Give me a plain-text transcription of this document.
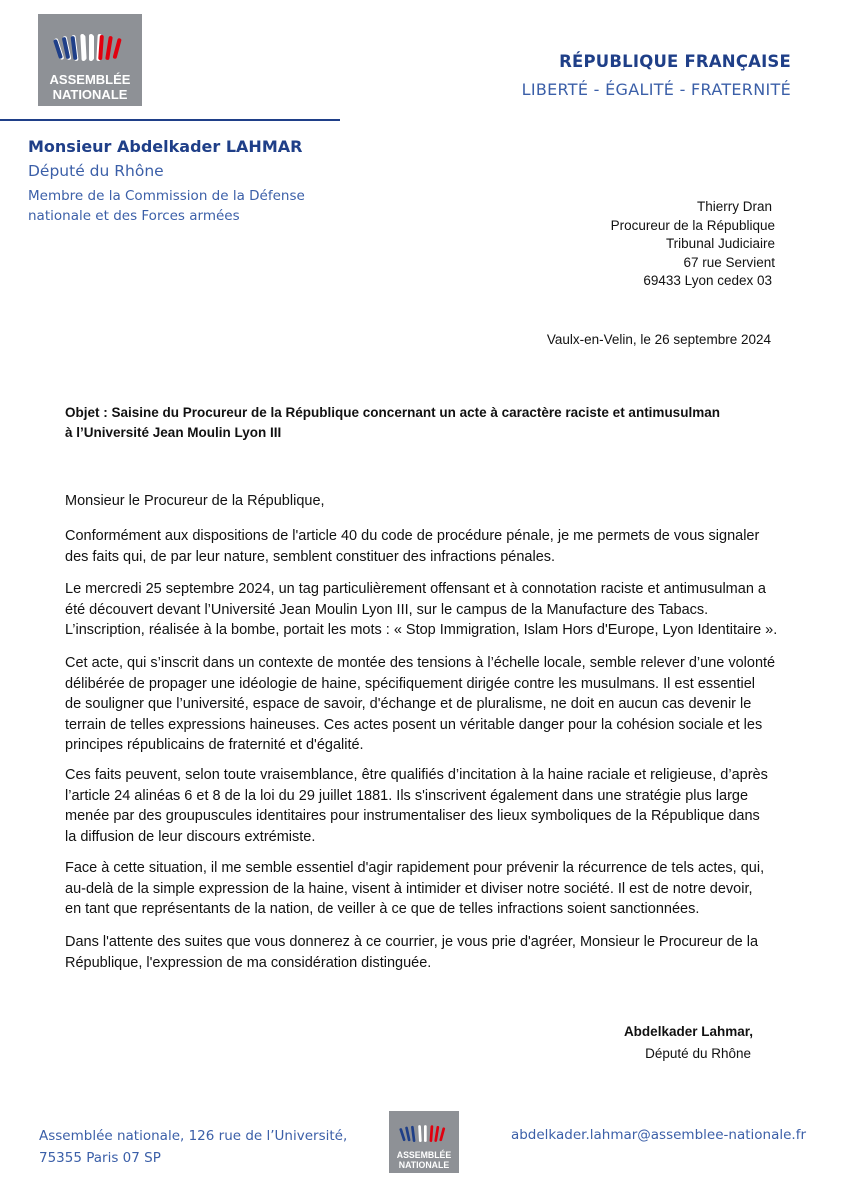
ASSEMBLÉE
NATIONALE
RÉPUBLIQUE FRANÇAISE
LIBERTÉ - ÉGALITÉ - FRATERNITÉ
Monsieur Abdelkader LAHMAR
Député du Rhône
Membre de la Commission de la Défense
nationale et des Forces armées
Thierry Dran
Procureur de la République
Tribunal Judiciaire
67 rue Servient
69433 Lyon cedex 03
Vaulx-en-Velin, le 26 septembre 2024
Objet : Saisine du Procureur de la République concernant un acte à caractère raciste et antimusulman
à l’Université Jean Moulin Lyon III
Monsieur le Procureur de la République,
Conformément aux dispositions de l'article 40 du code de procédure pénale, je me permets de vous signaler
des faits qui, de par leur nature, semblent constituer des infractions pénales.
Le mercredi 25 septembre 2024, un tag particulièrement offensant et à connotation raciste et antimusulman a
été découvert devant l’Université Jean Moulin Lyon III, sur le campus de la Manufacture des Tabacs.
L’inscription, réalisée à la bombe, portait les mots : « Stop Immigration, Islam Hors d'Europe, Lyon Identitaire ».
Cet acte, qui s’inscrit dans un contexte de montée des tensions à l’échelle locale, semble relever d’une volonté
délibérée de propager une idéologie de haine, spécifiquement dirigée contre les musulmans. Il est essentiel
de souligner que l’université, espace de savoir, d'échange et de pluralisme, ne doit en aucun cas devenir le
terrain de telles expressions haineuses. Ces actes posent un véritable danger pour la cohésion sociale et les
principes républicains de fraternité et d'égalité.
Ces faits peuvent, selon toute vraisemblance, être qualifiés d’incitation à la haine raciale et religieuse, d’après
l’article 24 alinéas 6 et 8 de la loi du 29 juillet 1881. Ils s'inscrivent également dans une stratégie plus large
menée par des groupuscules identitaires pour instrumentaliser des lieux symboliques de la République dans
la diffusion de leur discours extrémiste.
Face à cette situation, il me semble essentiel d'agir rapidement pour prévenir la récurrence de tels actes, qui,
au-delà de la simple expression de la haine, visent à intimider et diviser notre société. Il est de notre devoir,
en tant que représentants de la nation, de veiller à ce que de telles infractions soient sanctionnées.
Dans l'attente des suites que vous donnerez à ce courrier, je vous prie d'agréer, Monsieur le Procureur de la
République, l'expression de ma considération distinguée.
Abdelkader Lahmar,
Député du Rhône
Assemblée nationale, 126 rue de l’Université,
75355 Paris 07 SP	ASSEMBLÉE
NATIONALE
abdelkader.lahmar@assemblee-nationale.fr
